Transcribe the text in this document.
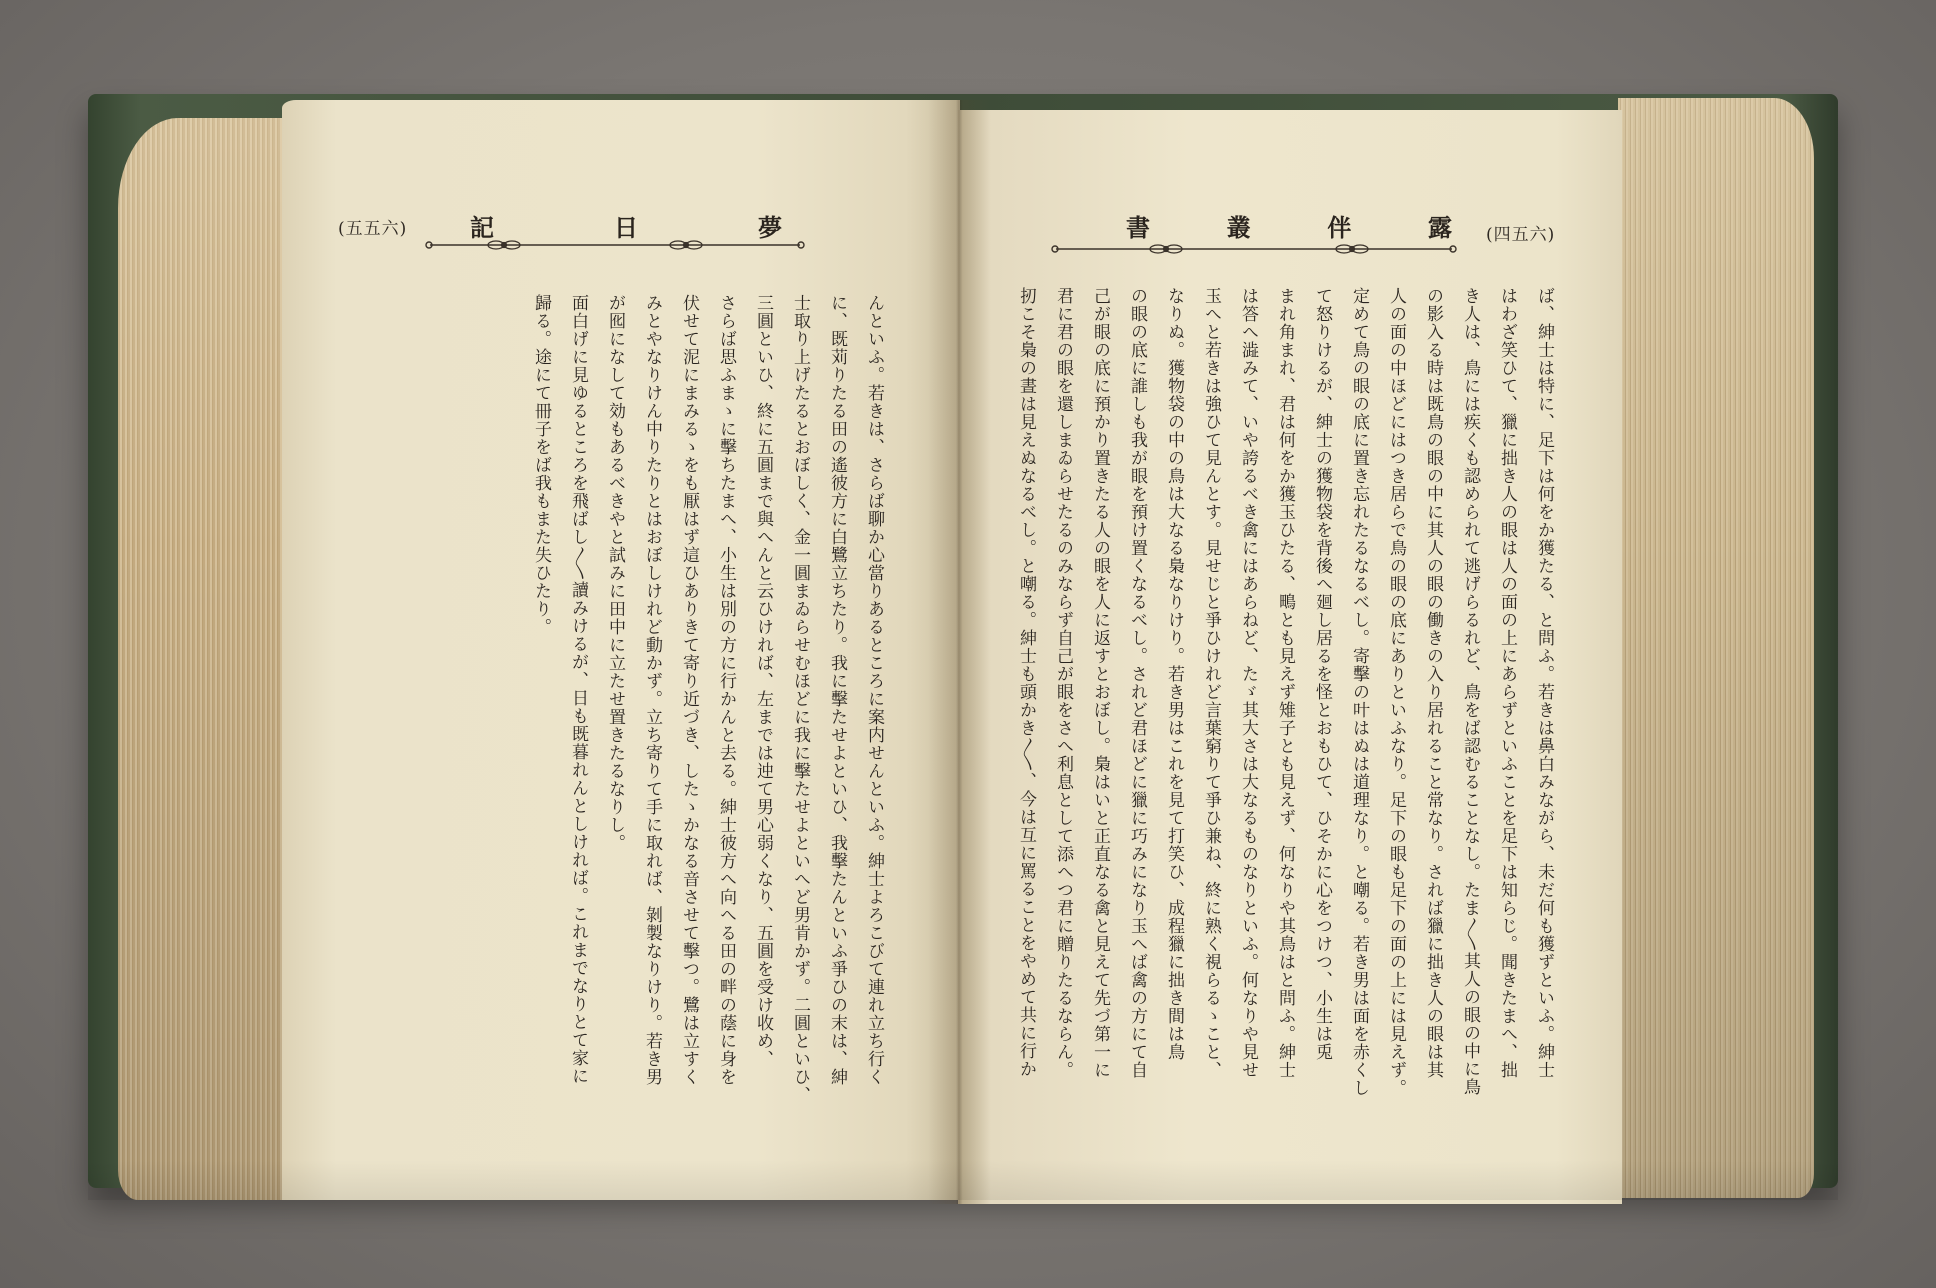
(五五六)	夢
日
記	露
伴
叢
書	(四五六)
んといふ。若きは、さらば聊か心當りあるところに案内せんといふ。紳士よろこびて連れ立ち行く
に、既苅りたる田の遙彼方に白鷺立ちたり。我に擊たせよといひ、我擊たんといふ爭ひの末は、紳
士取り上げたるとおぼしく、金一圓まゐらせむほどに我に擊たせよといへど男肯かず。二圓といひ、
三圓といひ、終に五圓まで與へんと云ひければ、左までは迚て男心弱くなり、五圓を受け收め、
さらば思ふまゝに擊ちたまへ、小生は別の方に行かんと去る。紳士彼方へ向へる田の畔の蔭に身を
伏せて泥にまみるゝをも厭はず這ひありきて寄り近づき、したゝかなる音させて擊つ。鷺は立すく
みとやなりけん中りたりとはおぼしけれど動かず。立ち寄りて手に取れば、剝製なりけり。若き男
が囮になして効もあるべきやと試みに田中に立たせ置きたるなりし。
面白げに見ゆるところを飛ばし〳〵讀みけるが、日も既暮れんとしければ。これまでなりとて家に
歸る。途にて冊子をば我もまた失ひたり。	ば、紳士は特に、足下は何をか獲たる、と問ふ。若きは鼻白みながら、未だ何も獲ずといふ。紳士
はわざ笑ひて、獵に拙き人の眼は人の面の上にあらずといふことを足下は知らじ。聞きたまへ、拙
き人は、鳥には疾くも認められて逃げらるれど、鳥をば認むることなし。たま〳〵其人の眼の中に鳥
の影入る時は既鳥の眼の中に其人の眼の働きの入り居れること常なり。されば獵に拙き人の眼は其
人の面の中ほどにはつき居らで鳥の眼の底にありといふなり。足下の眼も足下の面の上には見えず。
定めて鳥の眼の底に置き忘れたるなるべし。寄擊の叶はぬは道理なり。と嘲る。若き男は面を赤くし
て怒りけるが、紳士の獲物袋を背後へ廻し居るを怪とおもひて、ひそかに心をつけつ、小生は兎
まれ角まれ、君は何をか獲玉ひたる、鴫とも見えず雉子とも見えず、何なりや其鳥はと問ふ。紳士
は答へ澁みて、いや誇るべき禽にはあらねど、たゞ其大さは大なるものなりといふ。何なりや見せ
玉へと若きは強ひて見んとす。見せじと爭ひけれど言葉窮りて爭ひ兼ね、終に熟く視らるゝこと、
なりぬ。獲物袋の中の鳥は大なる梟なりけり。若き男はこれを見て打笑ひ、成程獵に拙き間は鳥
の眼の底に誰しも我が眼を預け置くなるべし。されど君ほどに獵に巧みになり玉へば禽の方にて自
己が眼の底に預かり置きたる人の眼を人に返すとおぼし。梟はいと正直なる禽と見えて先づ第一に
君に君の眼を還しまゐらせたるのみならず自己が眼をさへ利息として添へつ君に贈りたるならん。
扨こそ梟の晝は見えぬなるべし。と嘲る。紳士も頭かき〳〵、今は互に罵ることをやめて共に行か
